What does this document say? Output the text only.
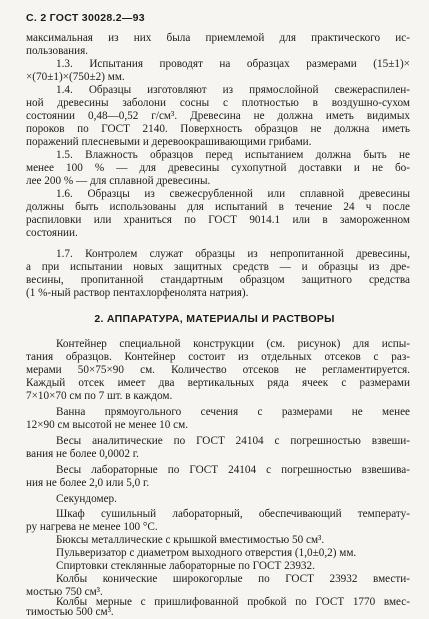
С. 2 ГОСТ 30028.2—93
максимальная из них была приемлемой для практического ис-
пользования.
1.3. Испытания проводят на образцах размерами (15±1)×
×(70±1)×(750±2) мм.
1.4. Образцы изготовляют из прямослойной свежераспилен-
ной древесины заболони сосны с плотностью в воздушно-сухом
состоянии 0,48—0,52 г/см³. Древесина не должна иметь видимых
пороков по ГОСТ 2140. Поверхность образцов не должна иметь
поражений плесневыми и деревоокрашивающими грибами.
1.5. Влажность образцов перед испытанием должна быть не
менее 100 % — для древесины сухопутной доставки и не бо-
лее 200 % — для сплавной древесины.
1.6. Образцы из свежесрубленной или сплавной древесины
должны быть использованы для испытаний в течение 24 ч после
распиловки или храниться по ГОСТ 9014.1 или в замороженном
состоянии.
1.7. Контролем служат образцы из непропитанной древесины,
а при испытании новых защитных средств — и образцы из дре-
весины, пропитанной стандартным образцом защитного средства
(1 %-ный раствор пентахлорфенолята натрия).
2. АППАРАТУРА, МАТЕРИАЛЫ И РАСТВОРЫ
Контейнер специальной конструкции (см. рисунок) для испы-
тания образцов. Контейнер состоит из отдельных отсеков с раз-
мерами 50×75×90 см. Количество отсеков не регламентируется.
Каждый отсек имеет два вертикальных ряда ячеек с размерами
7×10×70 см по 7 шт. в каждом.
Ванна прямоугольного сечения с размерами не менее
12×90 см высотой не менее 10 см.
Весы аналитические по ГОСТ 24104 с погрешностью взвеши-
вания не более 0,0002 г.
Весы лабораторные по ГОСТ 24104 с погрешностью взвешива-
ния не более 2,0 или 5,0 г.
Секундомер.
Шкаф сушильный лабораторный, обеспечивающий температу-
ру нагрева не менее 100 °С.
Бюксы металлические с крышкой вместимостью 50 см³.
Пульверизатор с диаметром выходного отверстия (1,0±0,2) мм.
Спиртовки стеклянные лабораторные по ГОСТ 23932.
Колбы конические широкогорлые по ГОСТ 23932 вмести-
мостью 750 см³.
Колбы мерные с пришлифованной пробкой по ГОСТ 1770 вмес-
тимостью 500 см³.
